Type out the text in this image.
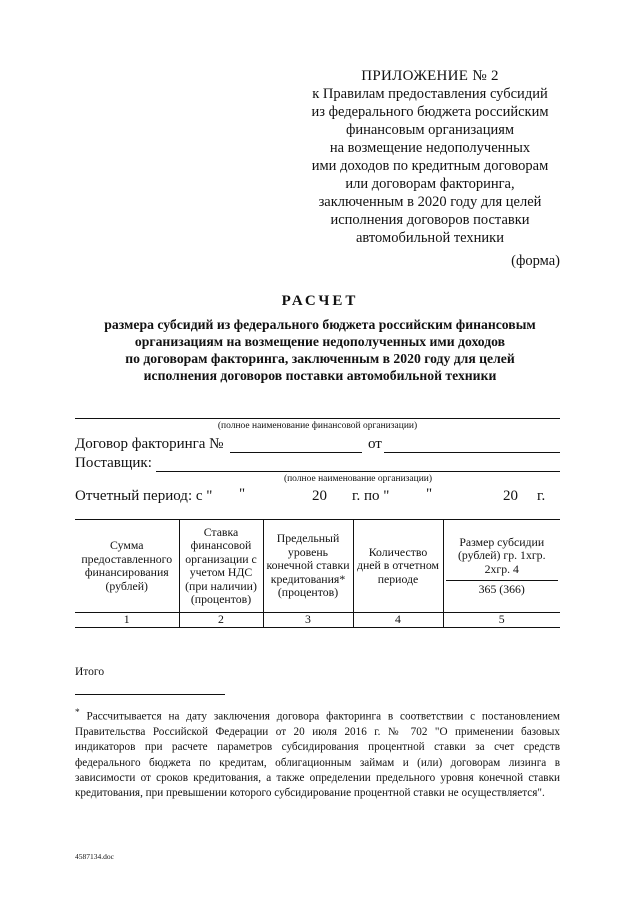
ПРИЛОЖЕНИЕ № 2
к Правилам предоставления субсидий
из федерального бюджета российским
финансовым организациям
на возмещение недополученных
ими доходов по кредитным договорам
или договорам факторинга,
заключенным в 2020 году для целей
исполнения договоров поставки
автомобильной техники
(форма)
РАСЧЕТ
размера субсидий из федерального бюджета российским финансовым
организациям на возмещение недополученных ими доходов
по договорам факторинга, заключенным в 2020 году для целей
исполнения договоров поставки автомобильной техники
(полное наименование финансовой организации)
Договор факторинга №	от
Поставщик:
(полное наименование организации)
Отчетный период: с " "	20 г. по " "	20 г.
Сумма предоставленного финансирования (рублей)	Ставка финансовой организации с учетом НДС (при наличии) (процентов)	Предельный уровень конечной ставки кредитования* (процентов)	Количество дней в отчетном периоде	Размер субсидии (рублей) гр. 1хгр. 2хгр. 4
365 (366)

1	2	3	4	5
Итого
* Рассчитывается на дату заключения договора факторинга в соответствии с постановлением Правительства Российской Федерации от 20 июля 2016 г. № 702 "О применении базовых индикаторов при расчете параметров субсидирования процентной ставки за счет средств федерального бюджета по кредитам, облигационным займам и (или) договорам лизинга в зависимости от сроков кредитования, а также определении предельного уровня конечной ставки кредитования, при превышении которого субсидирование процентной ставки не осуществляется".
4587134.doc
